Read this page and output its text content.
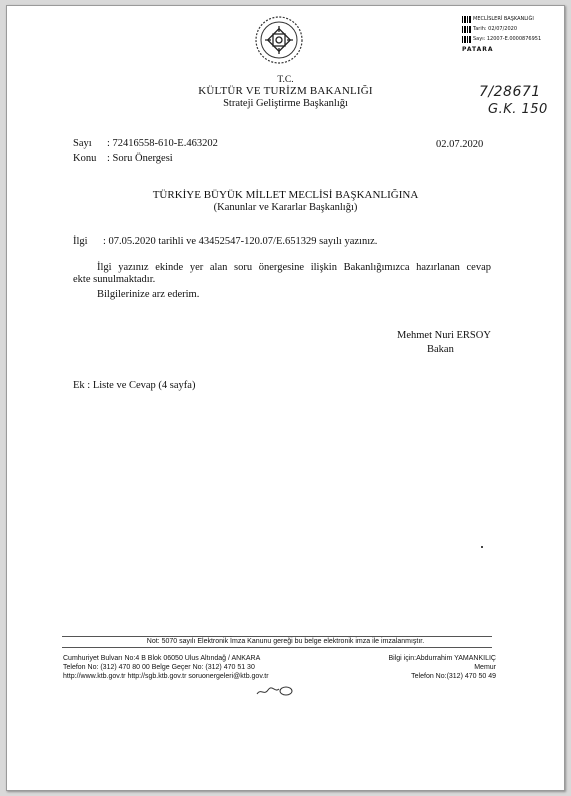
T.C.
KÜLTÜR VE TURİZM BAKANLIĞI
Strateji Geliştirme Başkanlığı
MECLİSLERİ BAŞKANLIĞI
Tarih: 02/07/2020
Sayı: 12007-E.0000876951
PATARA
7/28671
G.K. 150
Sayı : 72416558-610-E.463202	02.07.2020
Konu : Soru Önergesi
TÜRKİYE BÜYÜK MİLLET MECLİSİ BAŞKANLIĞINA
(Kanunlar ve Kararlar Başkanlığı)
İlgi : 07.05.2020 tarihli ve 43452547-120.07/E.651329 sayılı yazınız.
İlgi yazınız ekinde yer alan soru önergesine ilişkin Bakanlığımızca hazırlanan cevap
ekte sunulmaktadır.
Bilgilerinize arz ederim.
Mehmet Nuri ERSOY
Bakan
Ek : Liste ve Cevap (4 sayfa)
Not: 5070 sayılı Elektronik İmza Kanunu gereği bu belge elektronik imza ile imzalanmıştır.
Cumhuriyet Bulvarı No:4 B Blok 06050 Ulus Altındağ / ANKARA
Telefon No: (312) 470 80 00 Belge Geçer No: (312) 470 51 30
http://www.ktb.gov.tr http://sgb.ktb.gov.tr soruonergeleri@ktb.gov.tr
Bilgi için:Abdurrahim YAMANKILIÇ
Memur
Telefon No:(312) 470 50 49
